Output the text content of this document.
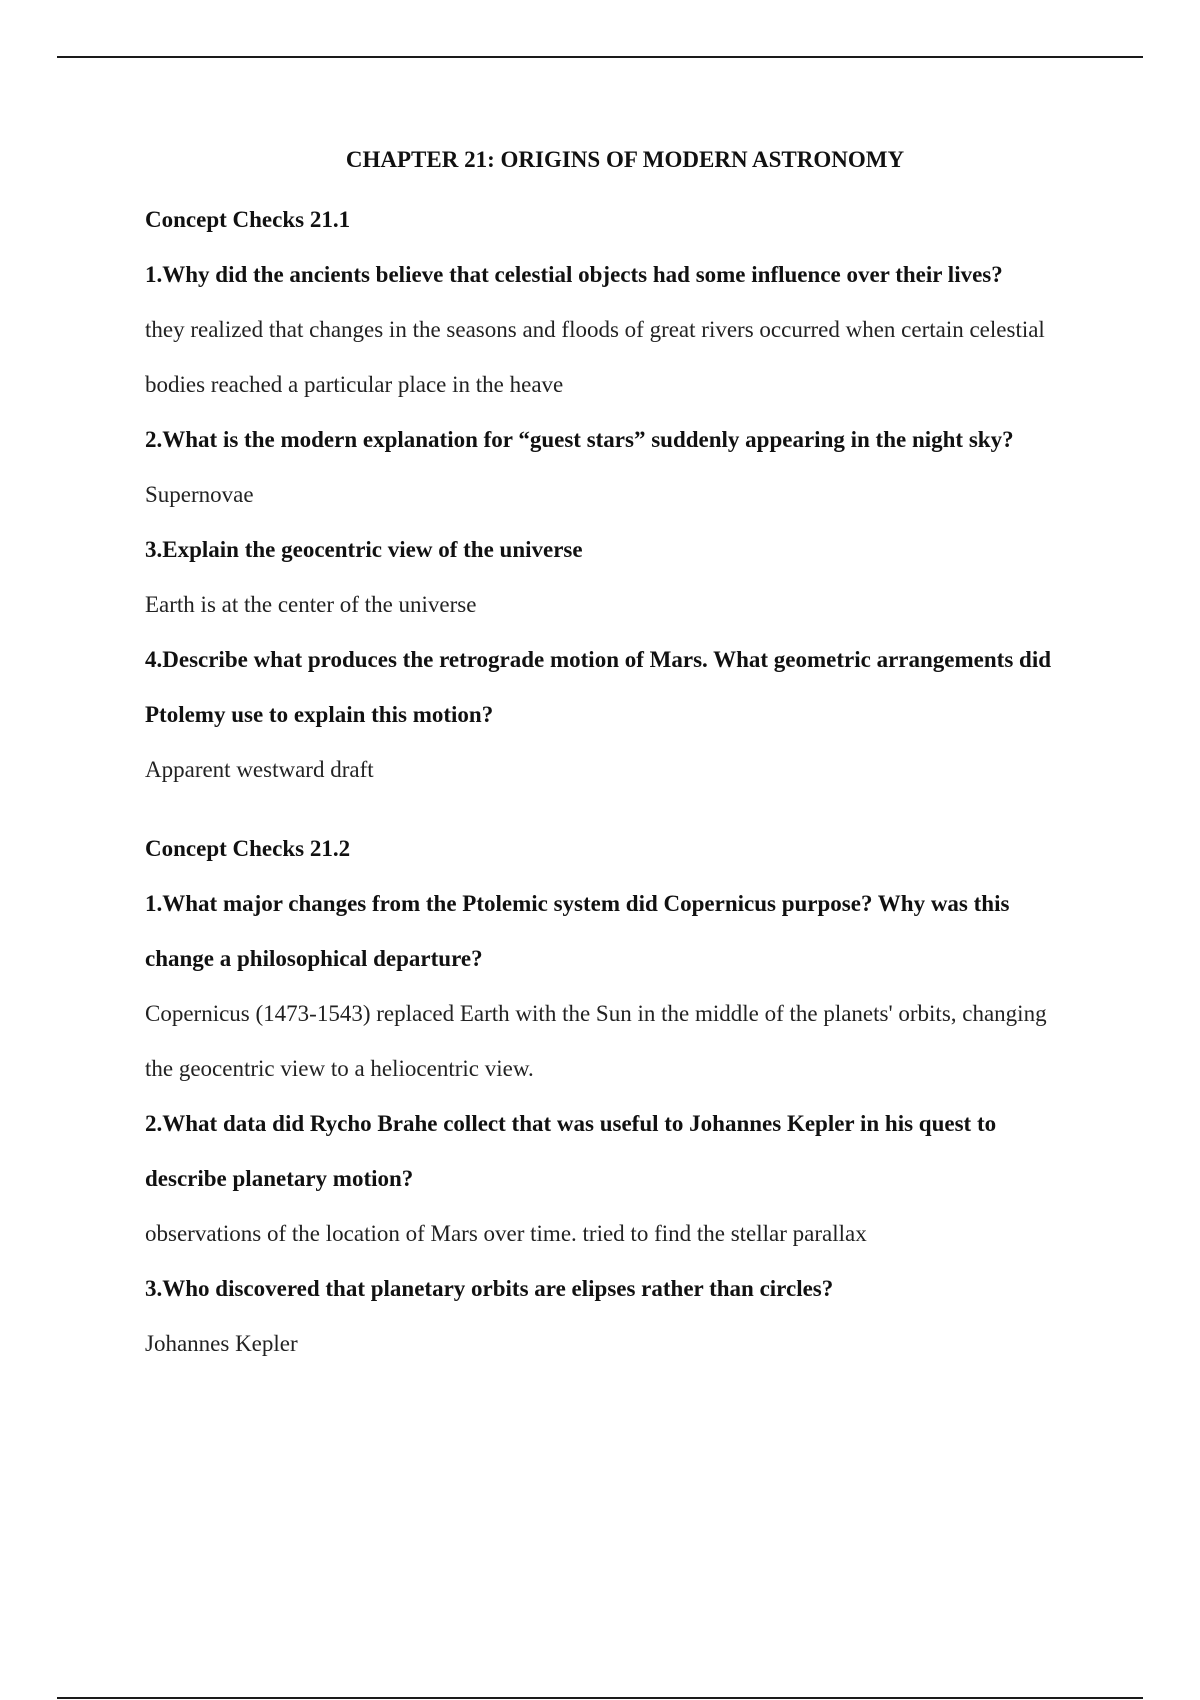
CHAPTER 21: ORIGINS OF MODERN ASTRONOMY
Concept Checks 21.1

1.Why did the ancients believe that celestial objects had some influence over their lives?

they realized that changes in the seasons and floods of great rivers occurred when certain celestial bodies reached a particular place in the heave

2.What is the modern explanation for “guest stars” suddenly appearing in the night sky?

Supernovae

3.Explain the geocentric view of the universe

Earth is at the center of the universe

4.Describe what produces the retrograde motion of Mars. What geometric arrangements did Ptolemy use to explain this motion?

Apparent westward draft

Concept Checks 21.2

1.What major changes from the Ptolemic system did Copernicus purpose? Why was this change a philosophical departure?

Copernicus (1473-1543) replaced Earth with the Sun in the middle of the planets' orbits, changing the geocentric view to a heliocentric view.

2.What data did Rycho Brahe collect that was useful to Johannes Kepler in his quest to describe planetary motion?

observations of the location of Mars over time. tried to find the stellar parallax

3.Who discovered that planetary orbits are elipses rather than circles?

Johannes Kepler
